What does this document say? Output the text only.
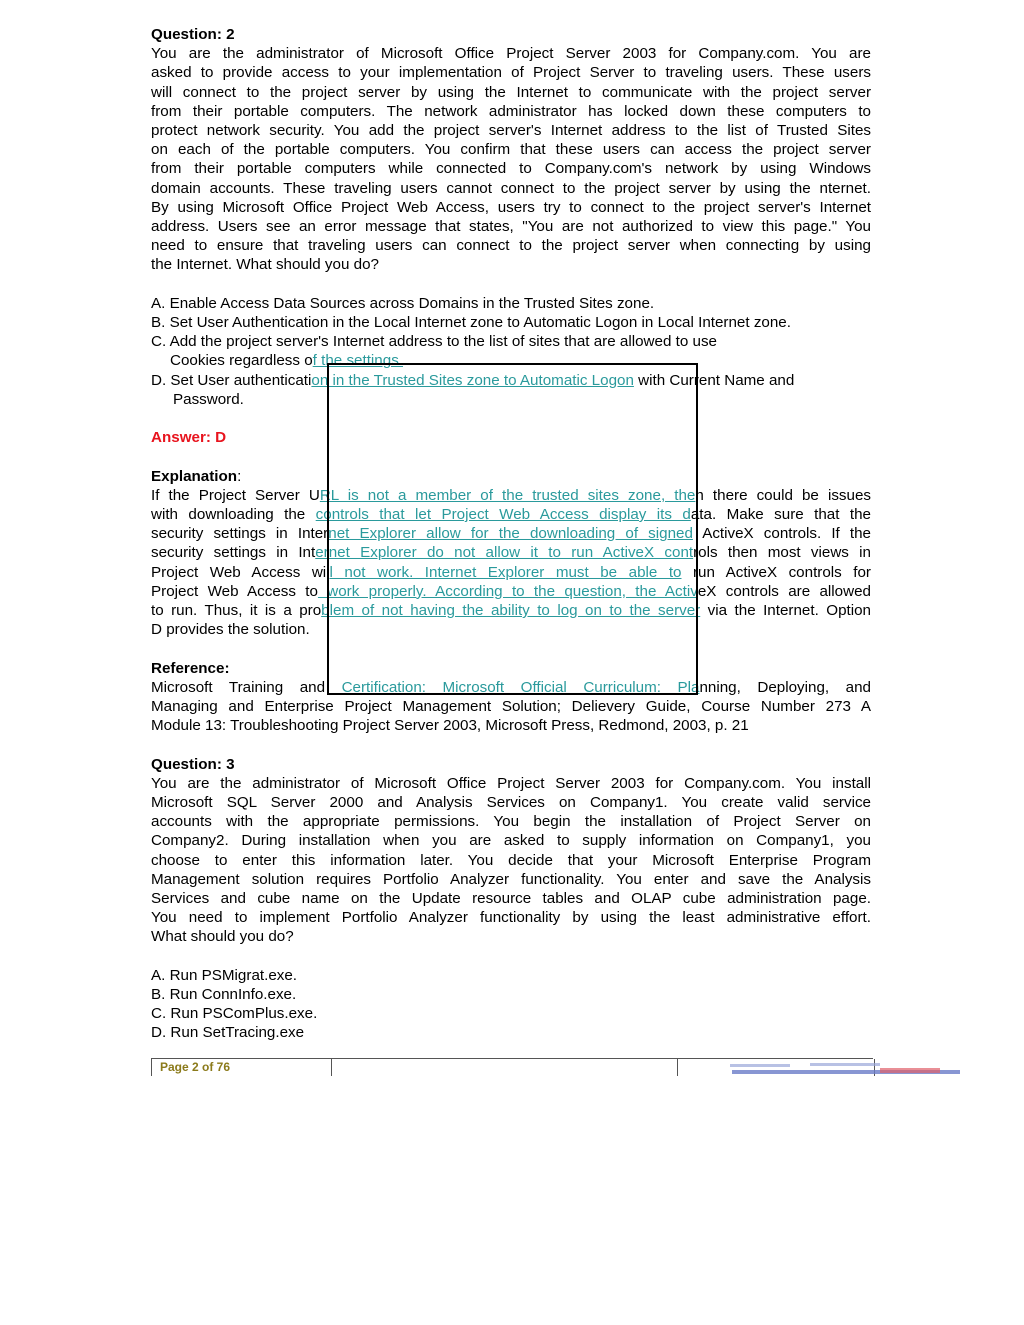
Question: 2

You are the administrator of Microsoft Office Project Server 2003 for Company.com. You are

asked to provide access to your implementation of Project Server to traveling users. These users

will connect to the project server by using the Internet to communicate with the project server

from their portable computers. The network administrator has locked down these computers to

protect network security. You add the project server's Internet address to the list of Trusted Sites

on each of the portable computers. You confirm that these users can access the project server

from their portable computers while connected to Company.com's network by using Windows

domain accounts. These traveling users cannot connect to the project server by using the nternet.

By using Microsoft Office Project Web Access, users try to connect to the project server's Internet

address. Users see an error message that states, "You are not authorized to view this page." You

need to ensure that traveling users can connect to the project server when connecting by using

the Internet. What should you do?

A. Enable Access Data Sources across Domains in the Trusted Sites zone.

B. Set User Authentication in the Local Internet zone to Automatic Logon in Local Internet zone.

C. Add the project server's Internet address to the list of sites that are allowed to use

Cookies regardless of the settings.

D. Set User authentication in the Trusted Sites zone to Automatic Logon with Current Name and

Password.

Answer: D

Explanation:

If the Project Server URL is not a member of the trusted sites zone, then there could be issues

with downloading the controls that let Project Web Access display its data. Make sure that the

security settings in Internet Explorer allow for the downloading of signed ActiveX controls. If the

security settings in Internet Explorer do not allow it to run ActiveX controls then most views in

Project Web Access will not work. Internet Explorer must be able to run ActiveX controls for

Project Web Access to work properly. According to the question, the ActiveX controls are allowed

to run. Thus, it is a problem of not having the ability to log on to the server via the Internet. Option

D provides the solution.

Reference:

Microsoft Training and Certification: Microsoft Official Curriculum: Planning, Deploying, and

Managing and Enterprise Project Management Solution; Delievery Guide, Course Number 273 A

Module 13: Troubleshooting Project Server 2003, Microsoft Press, Redmond, 2003, p. 21

Question: 3

You are the administrator of Microsoft Office Project Server 2003 for Company.com. You install

Microsoft SQL Server 2000 and Analysis Services on Company1. You create valid service

accounts with the appropriate permissions. You begin the installation of Project Server on

Company2. During installation when you are asked to supply information on Company1, you

choose to enter this information later. You decide that your Microsoft Enterprise Program

Management solution requires Portfolio Analyzer functionality. You enter and save the Analysis

Services and cube name on the Update resource tables and OLAP cube administration page.

You need to implement Portfolio Analyzer functionality by using the least administrative effort.

What should you do?

A. Run PSMigrat.exe.

B. Run ConnInfo.exe.

C. Run PSComPlus.exe.

D. Run SetTracing.exe

Page 2 of 76
